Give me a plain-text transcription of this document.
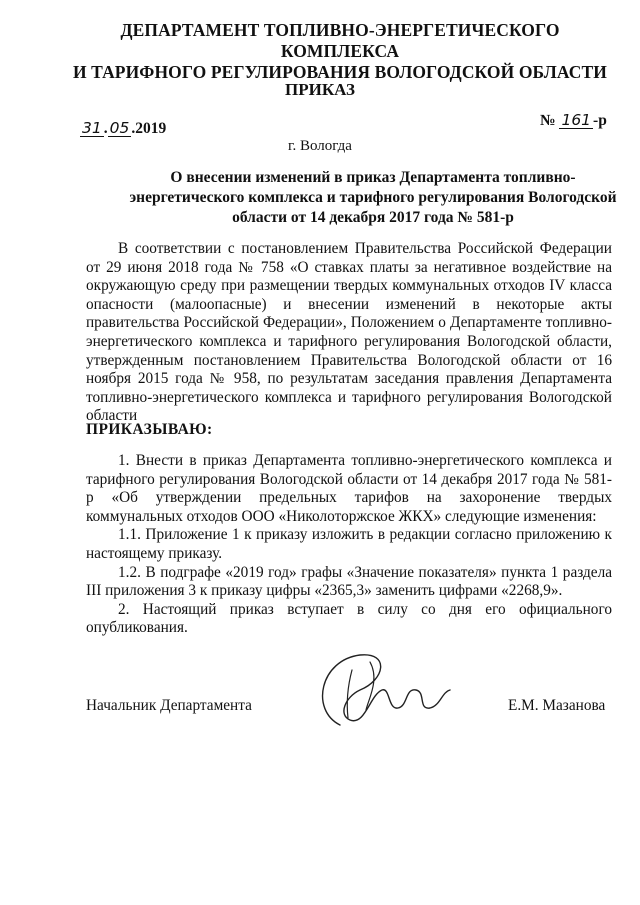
ДЕПАРТАМЕНТ ТОПЛИВНО-ЭНЕРГЕТИЧЕСКОГО КОМПЛЕКСА
И ТАРИФНОГО РЕГУЛИРОВАНИЯ ВОЛОГОДСКОЙ ОБЛАСТИ
ПРИКАЗ
31 . 05 .2019	№ 161 -р
г. Вологда
О внесении изменений в приказ Департамента топливно-энергетического комплекса и тарифного регулирования Вологодской области от 14 декабря 2017 года № 581-р
В соответствии с постановлением Правительства Российской Федерации от 29 июня 2018 года № 758 «О ставках платы за негативное воздействие на окружающую среду при размещении твердых коммунальных отходов IV класса опасности (малоопасные) и внесении изменений в некоторые акты правительства Российской Федерации», Положением о Департаменте топливно-энергетического комплекса и тарифного регулирования Вологодской области, утвержденным постановлением Правительства Вологодской области от 16 ноября 2015 года № 958, по результатам заседания правления Департамента топливно-энергетического комплекса и тарифного регулирования Вологодской области
ПРИКАЗЫВАЮ:

1. Внести в приказ Департамента топливно-энергетического комплекса и тарифного регулирования Вологодской области от 14 декабря 2017 года № 581-р «Об утверждении предельных тарифов на захоронение твердых коммунальных отходов ООО «Николоторжское ЖКХ» следующие изменения:

1.1. Приложение 1 к приказу изложить в редакции согласно приложению к настоящему приказу.

1.2. В подграфе «2019 год» графы «Значение показателя» пункта 1 раздела III приложения 3 к приказу цифры «2365,3» заменить цифрами «2268,9».

2. Настоящий приказ вступает в силу со дня его официального опубликования.

Начальник Департамента	Е.М. Мазанова
